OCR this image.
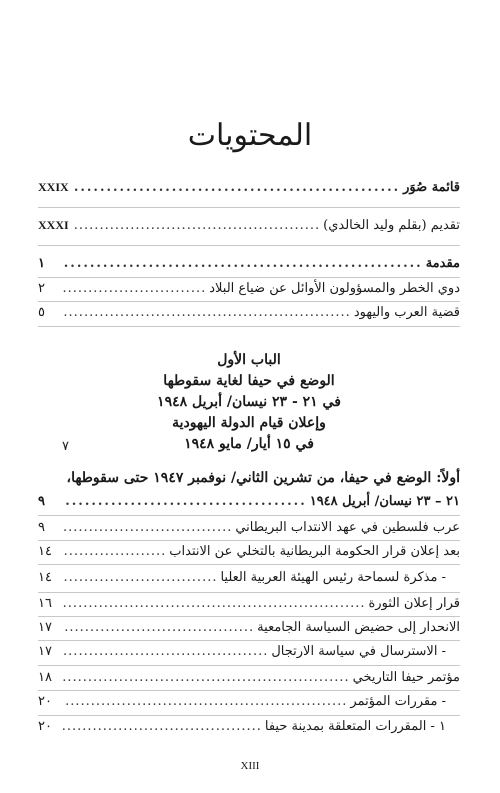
المحتويات
قائمة صُوَر
.....
XXIX
تقديم (بقلم وليد الخالدي)
.....
XXXI
مقدمة
.....
١
دوي الخطر والمسؤولون الأوائل عن ضياع البلاد
.....
٢
قضية العرب واليهود
.....
٥
الباب الأول
الوضع في حيفا لغاية سقوطها
في ٢١ - ٢٣ نيسان/ أبريل ١٩٤٨
وإعلان قيام الدولة اليهودية
في ١٥ أيار/ مايو ١٩٤٨
٧
أولاً: الوضع في حيفا، من تشرين الثاني/ نوفمبر ١٩٤٧ حتى سقوطها،
٢١ – ٢٣ نيسان/ أبريل ١٩٤٨
.....
٩
عرب فلسطين في عهد الانتداب البريطاني
.....
٩
بعد إعلان قرار الحكومة البريطانية بالتخلي عن الانتداب
.....
١٤
- مذكرة لسماحة رئيس الهيئة العربية العليا
.....
١٤
قرار إعلان الثورة
.....
١٦
الانحدار إلى حضيض السياسة الجامعية
.....
١٧
- الاسترسال في سياسة الارتجال
.....
١٧
مؤتمر حيفا التاريخي
.....
١٨
- مقررات المؤتمر
.....
٢٠
١ - المقررات المتعلقة بمدينة حيفا
.....
٢٠
XIII
